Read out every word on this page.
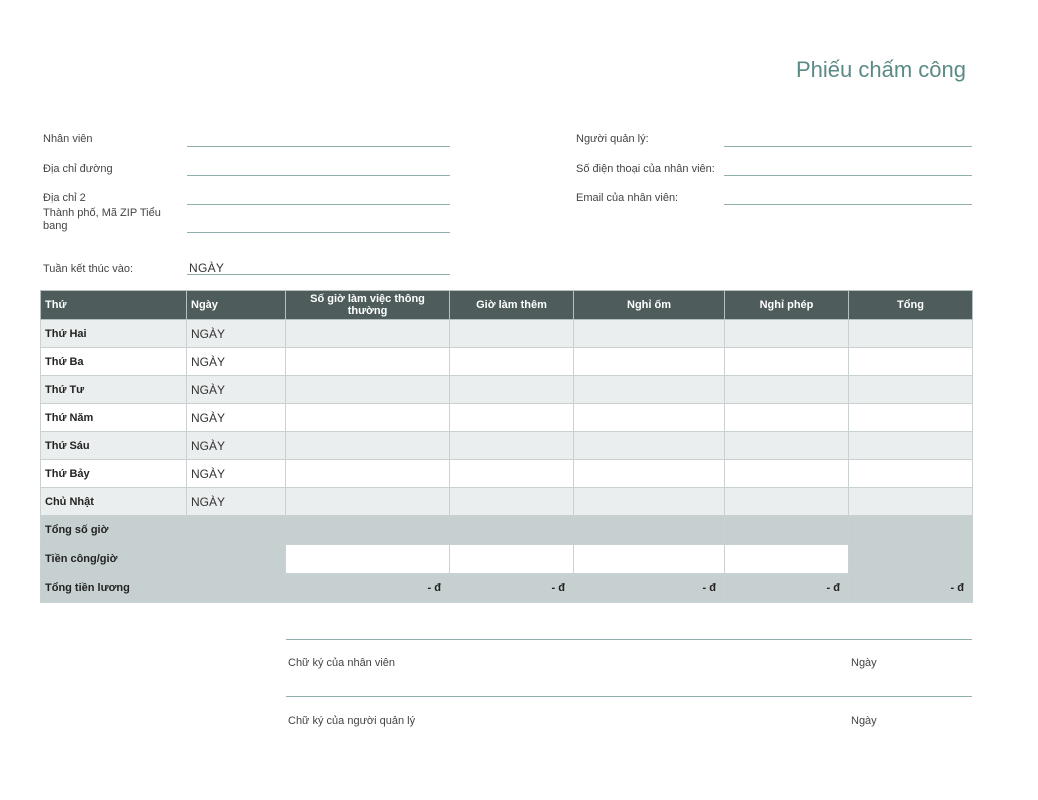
Phiếu chấm công
Nhân viên
Địa chỉ đường
Địa chỉ 2
Thành phố, Mã ZIP Tiểu bang
Tuần kết thúc vào:	NGÀY
Người quản lý:
Số điện thoại của nhân viên:
Email của nhân viên:
Thứ	Ngày	Số giờ làm việc thông thường	Giờ làm thêm	Nghỉ ốm	Nghỉ phép	Tổng
Thứ Hai	NGÀY					
Thứ Ba	NGÀY					
Thứ Tư	NGÀY					
Thứ Năm	NGÀY					
Thứ Sáu	NGÀY					
Thứ Bảy	NGÀY					
Chủ Nhật	NGÀY					
Tổng số giờ						
Tiền công/giờ						
Tổng tiền lương		- đ	- đ	- đ	- đ	- đ
Chữ ký của nhân viên	Ngày
Chữ ký của người quản lý	Ngày
